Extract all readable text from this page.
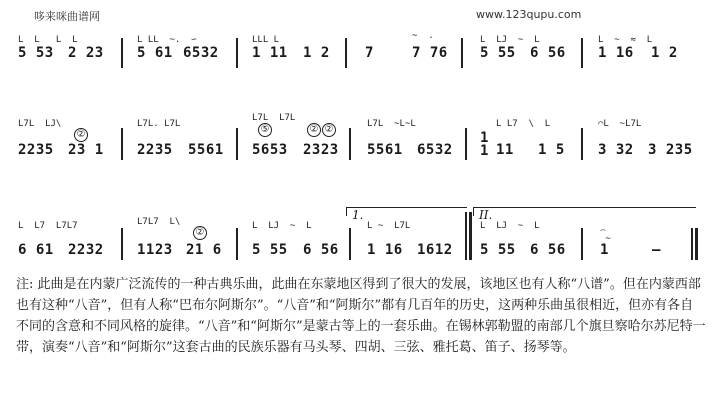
哆来咪曲谱网	www.123qupu.com
L  L   L  L
5 53 2 23
L LL  ~.  ∽
5 61 6532
LLL L
1 11 1 2	7
~  .
7 76
L  LJ  ~  L
5 55 6 56
L  ~  ≈  L
1 16 1 2
L7L  LJ\
②
2235 23 1
L7L. L7L
2235 5561
L7L  L7L
⑤	② ②
5653 2323
L7L  ~L~L
5561 6532
1
1
L L7  \  L
11 1 5
⌒L  ~L7L
3 32 3 235
1.	II.
L  L7  L7L7
6 61 2232
L7L7  L\
②
1123 21 6
L  LJ  ~  L
5 55 6 56
L ~  L7L
1 16 1612
L  LJ  ~  L
5 55 6 56
⌢
~
1	–
注: 此曲是在内蒙广泛流传的一种古典乐曲，此曲在东蒙地区得到了很大的发展，该地区也有人称“八谱”。但在内蒙西部也有这种“八音”，但有人称“巴布尔阿斯尔”。“八音”和“阿斯尔”都有几百年的历史，这两种乐曲虽很相近，但亦有各自不同的含意和不同风格的旋律。“八音”和“阿斯尔”是蒙古等上的一套乐曲。在锡林郭勒盟的南部几个旗旦察哈尔苏尼特一带，演奏“八音”和“阿斯尔”这套古曲的民族乐器有马头琴、四胡、三弦、雅托葛、笛子、扬琴等。
